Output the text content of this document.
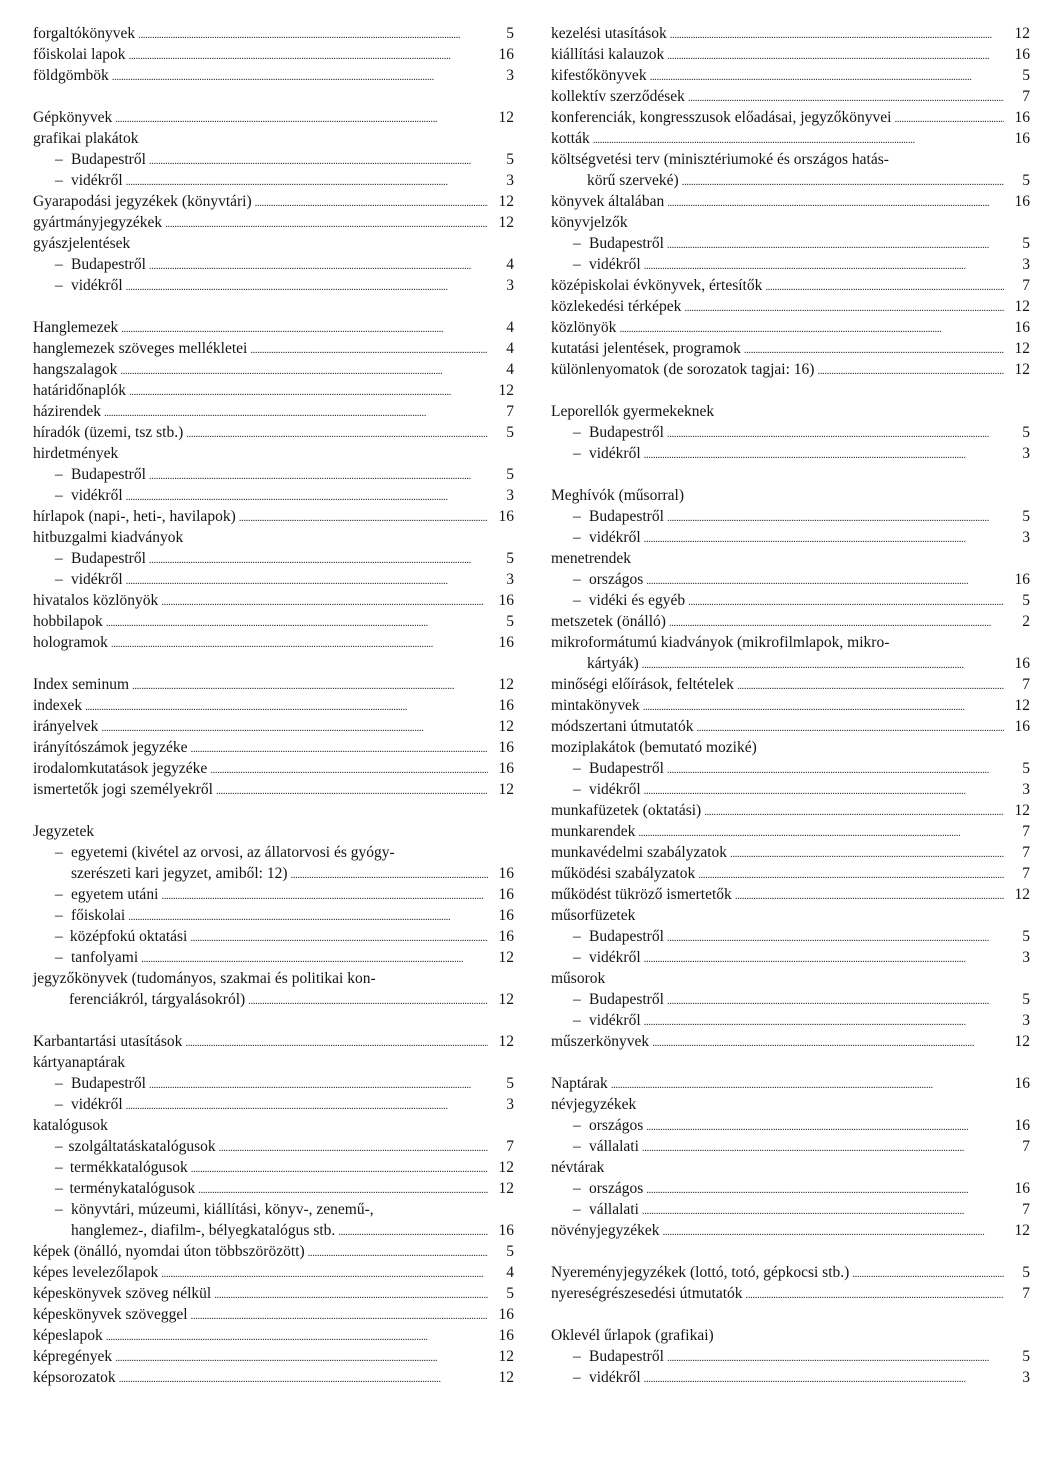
forgaltókönyvek . . .	5
főiskolai lapok . . .	16
földgömbök . . .	3
Gépkönyvek . . .	12
grafikai plakátok
– Budapestről . . .	5
– vidékről . . .	3
Gyarapodási jegyzékek (könyvtári) . . .	12
gyártmányjegyzékek . . .	12
gyászjelentések
– Budapestről . . .	4
– vidékről . . .	3
Hanglemezek . . .	4
hanglemezek szöveges mellékletei . . .	4
hangszalagok . . .	4
határidőnaplók . . .	12
házirendek . . .	7
híradók (üzemi, tsz stb.) . . .	5
hirdetmények
– Budapestről . . .	5
– vidékről . . .	3
hírlapok (napi-, heti-, havilapok) . . .	16
hitbuzgalmi kiadványok
– Budapestről . . .	5
– vidékről . . .	3
hivatalos közlönyök . . .	16
hobbilapok . . .	5
hologramok . . .	16
Index seminum . . .	12
indexek . . .	16
irányelvek . . .	12
irányítószámok jegyzéke . . .	16
irodalomkutatások jegyzéke . . .	16
ismertetők jogi személyekről . . .	12
Jegyzetek
– egyetemi (kivétel az orvosi, az állatorvosi és gyógy-
szerészeti kari jegyzet, amiből: 12) . . .	16
– egyetem utáni . . .	16
– főiskolai . . .	16
– középfokú oktatási . . .	16
– tanfolyami . . .	12
jegyzőkönyvek (tudományos, szakmai és politikai kon-
ferenciákról, tárgyalásokról) . . .	12
Karbantartási utasítások . . .	12
kártyanaptárak
– Budapestről . . .	5
– vidékről . . .	3
katalógusok
– szolgáltatáskatalógusok . . .	7
– termékkatalógusok . . .	12
– terménykatalógusok . . .	12
– könyvtári, múzeumi, kiállítási, könyv-, zenemű-,
hanglemez-, diafilm-, bélyegkatalógus stb. . . .	16
képek (önálló, nyomdai úton többszörözött) . . .	5
képes levelezőlapok . . .	4
képeskönyvek szöveg nélkül . . .	5
képeskönyvek szöveggel . . .	16
képeslapok . . .	16
képregények . . .	12
képsorozatok . . .	12
kezelési utasítások . . .	12
kiállítási kalauzok . . .	16
kifestőkönyvek . . .	5
kollektív szerződések . . .	7
konferenciák, kongresszusok előadásai, jegyzőkönyvei . . .	16
kották . . .	16
költségvetési terv (minisztériumoké és országos hatás-
körű szerveké) . . .	5
könyvek általában . . .	16
könyvjelzők
– Budapestről . . .	5
– vidékről . . .	3
középiskolai évkönyvek, értesítők . . .	7
közlekedési térképek . . .	12
közlönyök . . .	16
kutatási jelentések, programok . . .	12
különlenyomatok (de sorozatok tagjai: 16) . . .	12
Leporellók gyermekeknek
– Budapestről . . .	5
– vidékről . . .	3
Meghívók (műsorral)
– Budapestről . . .	5
– vidékről . . .	3
menetrendek
– országos . . .	16
– vidéki és egyéb . . .	5
metszetek (önálló) . . .	2
mikroformátumú kiadványok (mikrofilmlapok, mikro-
kártyák) . . .	16
minőségi előírások, feltételek . . .	7
mintakönyvek . . .	12
módszertani útmutatók . . .	16
moziplakátok (bemutató moziké)
– Budapestről . . .	5
– vidékről . . .	3
munkafüzetek (oktatási) . . .	12
munkarendek . . .	7
munkavédelmi szabályzatok . . .	7
működési szabályzatok . . .	7
működést tükröző ismertetők . . .	12
műsorfüzetek
– Budapestről . . .	5
– vidékről . . .	3
műsorok
– Budapestről . . .	5
– vidékről . . .	3
műszerkönyvek . . .	12
Naptárak . . .	16
névjegyzékek
– országos . . .	16
– vállalati . . .	7
névtárak
– országos . . .	16
– vállalati . . .	7
növényjegyzékek . . .	12
Nyereményjegyzékek (lottó, totó, gépkocsi stb.) . . .	5
nyereségrészesedési útmutatók . . .	7
Oklevél űrlapok (grafikai)
– Budapestről . . .	5
– vidékről . . .	3
